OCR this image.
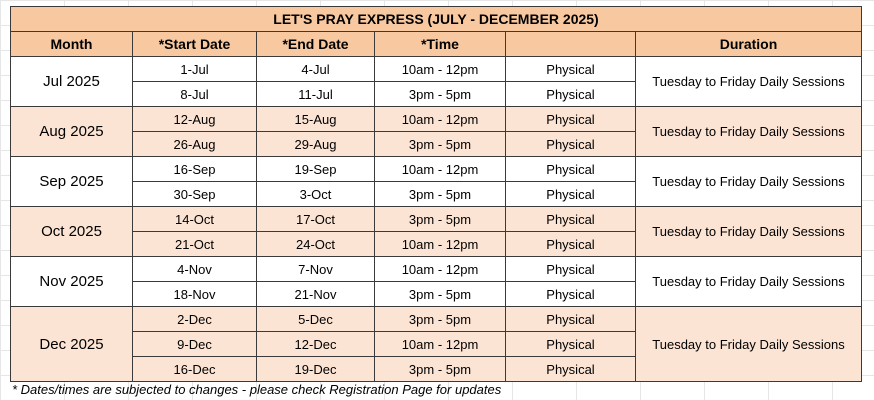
LET'S PRAY EXPRESS (JULY - DECEMBER 2025)					
Month	*Start Date	*End Date	*Time		Duration
Jul 2025	1-Jul	4-Jul	10am - 12pm	Physical	Tuesday to Friday Daily Sessions
	8-Jul	11-Jul	3pm - 5pm	Physical	
Aug 2025	12-Aug	15-Aug	10am - 12pm	Physical	Tuesday to Friday Daily Sessions
	26-Aug	29-Aug	3pm - 5pm	Physical	
Sep 2025	16-Sep	19-Sep	10am - 12pm	Physical	Tuesday to Friday Daily Sessions
	30-Sep	3-Oct	3pm - 5pm	Physical	
Oct 2025	14-Oct	17-Oct	3pm - 5pm	Physical	Tuesday to Friday Daily Sessions
	21-Oct	24-Oct	10am - 12pm	Physical	
Nov 2025	4-Nov	7-Nov	10am - 12pm	Physical	Tuesday to Friday Daily Sessions
	18-Nov	21-Nov	3pm - 5pm	Physical	
Dec 2025	2-Dec	5-Dec	3pm - 5pm	Physical	Tuesday to Friday Daily Sessions
	9-Dec	12-Dec	10am - 12pm	Physical	
	16-Dec	19-Dec	3pm - 5pm	Physical	
* Dates/times are subjected to changes - please check Registration Page for updates
